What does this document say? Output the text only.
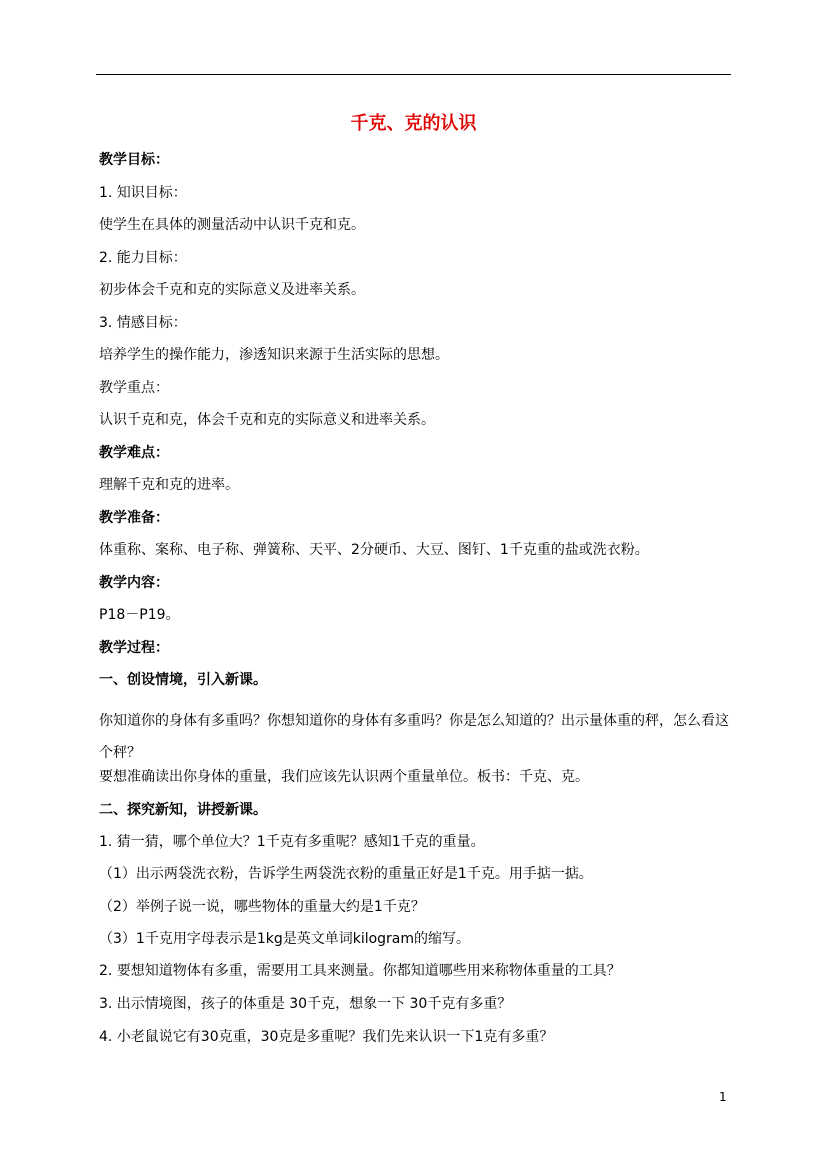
千克、克的认识

教学目标：

1. 知识目标：

使学生在具体的测量活动中认识千克和克。

2. 能力目标：

初步体会千克和克的实际意义及进率关系。

3. 情感目标：

培养学生的操作能力，渗透知识来源于生活实际的思想。

教学重点：

认识千克和克，体会千克和克的实际意义和进率关系。

教学难点：

理解千克和克的进率。

教学准备：

体重称、案称、电子称、弹簧称、天平、2分硬币、大豆、图钉、1千克重的盐或洗衣粉。

教学内容：

P18－P19。

教学过程：

一、创设情境，引入新课。

你知道你的身体有多重吗？你想知道你的身体有多重吗？你是怎么知道的？出示量体重的秤，怎么看这个秤？

要想准确读出你身体的重量，我们应该先认识两个重量单位。板书：千克、克。

二、探究新知，讲授新课。

1. 猜一猜，哪个单位大？1千克有多重呢？感知1千克的重量。

（1）出示两袋洗衣粉，告诉学生两袋洗衣粉的重量正好是1千克。用手掂一掂。

（2）举例子说一说，哪些物体的重量大约是1千克？

（3）1千克用字母表示是1kg是英文单词kilogram的缩写。

2. 要想知道物体有多重，需要用工具来测量。你都知道哪些用来称物体重量的工具？

3. 出示情境图，孩子的体重是 30千克，想象一下 30千克有多重？

4. 小老鼠说它有30克重，30克是多重呢？我们先来认识一下1克有多重？

1
